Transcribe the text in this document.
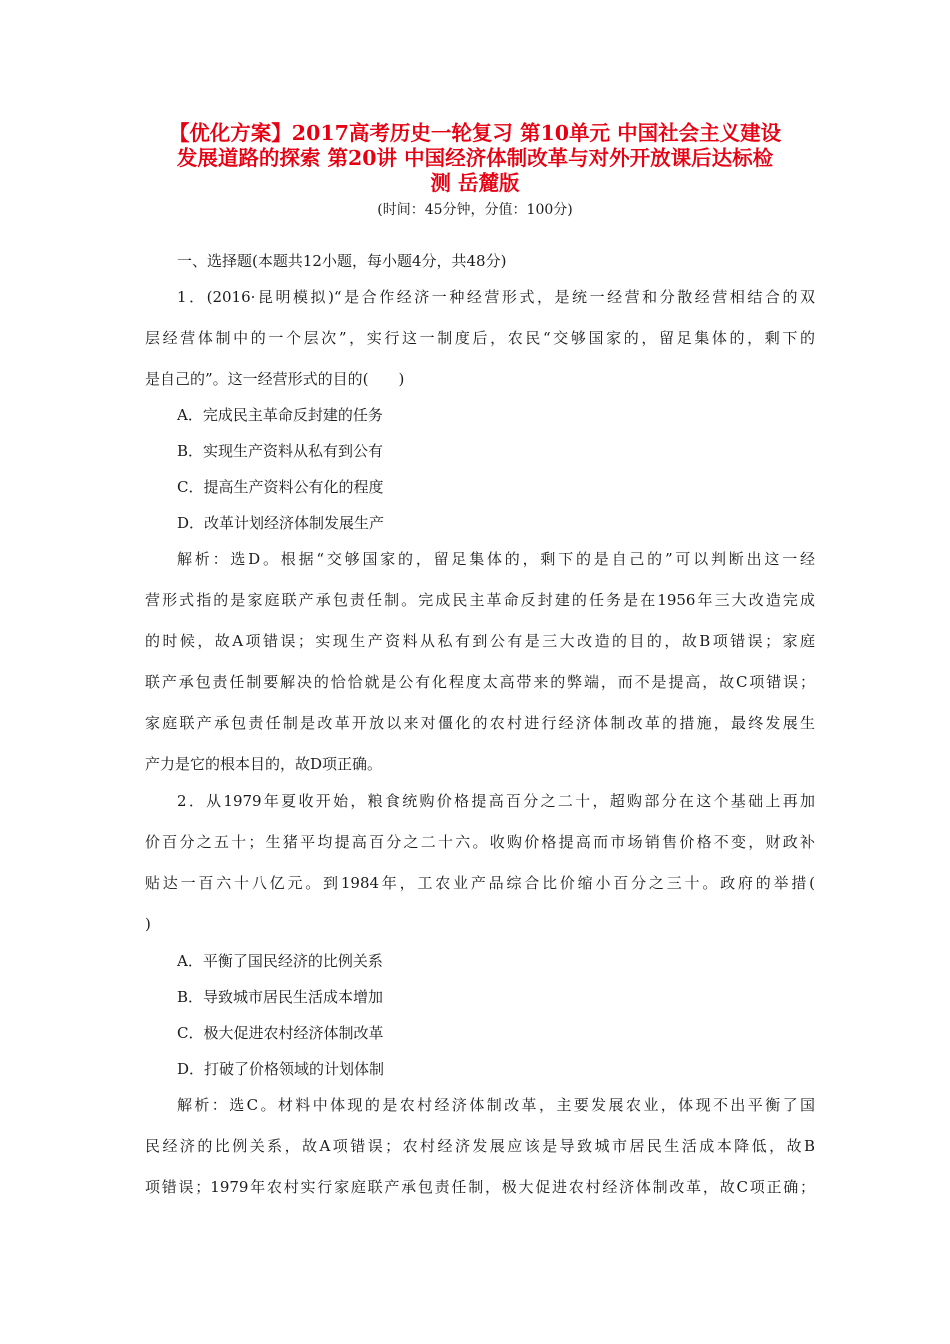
【优化方案】2017高考历史一轮复习 第10单元 中国社会主义建设
发展道路的探索 第20讲 中国经济体制改革与对外开放课后达标检
测 岳麓版
(时间：45分钟，分值：100分)
一、选择题(本题共12小题，每小题4分，共48分)
1．(2016·昆明模拟)“是合作经济一种经营形式，是统一经营和分散经营相结合的双
层经营体制中的一个层次”，实行这一制度后，农民“交够国家的，留足集体的，剩下的
是自己的”。这一经营形式的目的(　　)
A．完成民主革命反封建的任务
B．实现生产资料从私有到公有
C．提高生产资料公有化的程度
D．改革计划经济体制发展生产
解析：选D。根据“交够国家的，留足集体的，剩下的是自己的”可以判断出这一经
营形式指的是家庭联产承包责任制。完成民主革命反封建的任务是在1956年三大改造完成
的时候，故A项错误；实现生产资料从私有到公有是三大改造的目的，故B项错误；家庭
联产承包责任制要解决的恰恰就是公有化程度太高带来的弊端，而不是提高，故C项错误；
家庭联产承包责任制是改革开放以来对僵化的农村进行经济体制改革的措施，最终发展生
产力是它的根本目的，故D项正确。
2．从1979年夏收开始，粮食统购价格提高百分之二十，超购部分在这个基础上再加
价百分之五十；生猪平均提高百分之二十六。收购价格提高而市场销售价格不变，财政补
贴达一百六十八亿元。到1984年，工农业产品综合比价缩小百分之三十。政府的举措(
)
A．平衡了国民经济的比例关系
B．导致城市居民生活成本增加
C．极大促进农村经济体制改革
D．打破了价格领域的计划体制
解析：选C。材料中体现的是农村经济体制改革，主要发展农业，体现不出平衡了国
民经济的比例关系，故A项错误；农村经济发展应该是导致城市居民生活成本降低，故B
项错误；1979年农村实行家庭联产承包责任制，极大促进农村经济体制改革，故C项正确；
